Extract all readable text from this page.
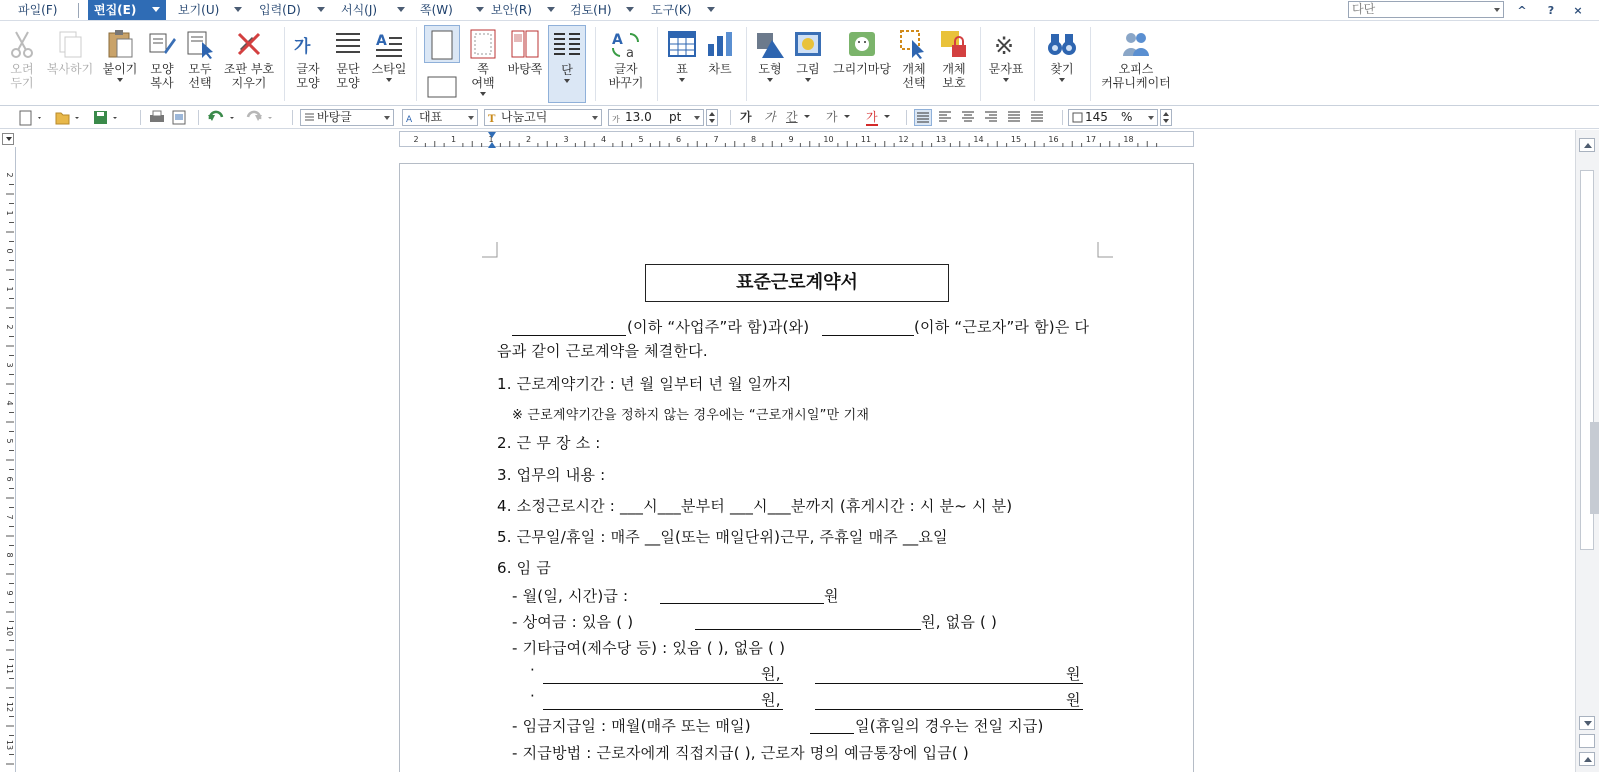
파일(F)	편집(E)	보기(U)	입력(D)	서식(J)	쪽(W)	보안(R)	검토(H)	도구(K)	다단	^	?	×
오려
두기
복사하기 붙이기	모양
복사
모두
선택
조판 부호
지우기
가
글자
모양
문단
모양
A
스타일	쪽
여백
바탕쪽	단
A
a
글자
바꾸기
표	차트	도형	그림	그리기마당 개체
선택
개체
보호
※
문자표	찾기	오피스
커뮤니케이터
바탕글	A 대표	T 나눔고딕	가 13.0 pt	가	가 간	가	가	145 %
2	1	1	2	3	4	5	6	7	8	9	10	11	12	13	14	15	16	17	18
2
1
0
1
2
3
4
5
6
7
8
9
10
11
12
13
표준근로계약서
(이하 “사업주”라 함)과(와)	(이하 “근로자”라 함)은 다
음과 같이 근로계약을 체결한다.
1. 근로계약기간 : 년 월 일부터 년 월 일까지
※ 근로계약기간을 정하지 않는 경우에는 “근로개시일”만 기재
2. 근 무 장 소 :
3. 업무의 내용 :
4. 소정근로시간 : ___시___분부터 ___시___분까지 (휴게시간 : 시 분~ 시 분)
5. 근무일/휴일 : 매주 __일(또는 매일단위)근무, 주휴일 매주 __요일
6. 임 금
- 월(일, 시간)급 :	원
- 상여금 : 있음 ( )	원, 없음 ( )
- 기타급여(제수당 등) : 있음 ( ), 없음 ( )
·	원,	원
·	원,	원
- 임금지급일 : 매월(매주 또는 매일)	일(휴일의 경우는 전일 지급)
- 지급방법 : 근로자에게 직접지급( ), 근로자 명의 예금통장에 입금( )
